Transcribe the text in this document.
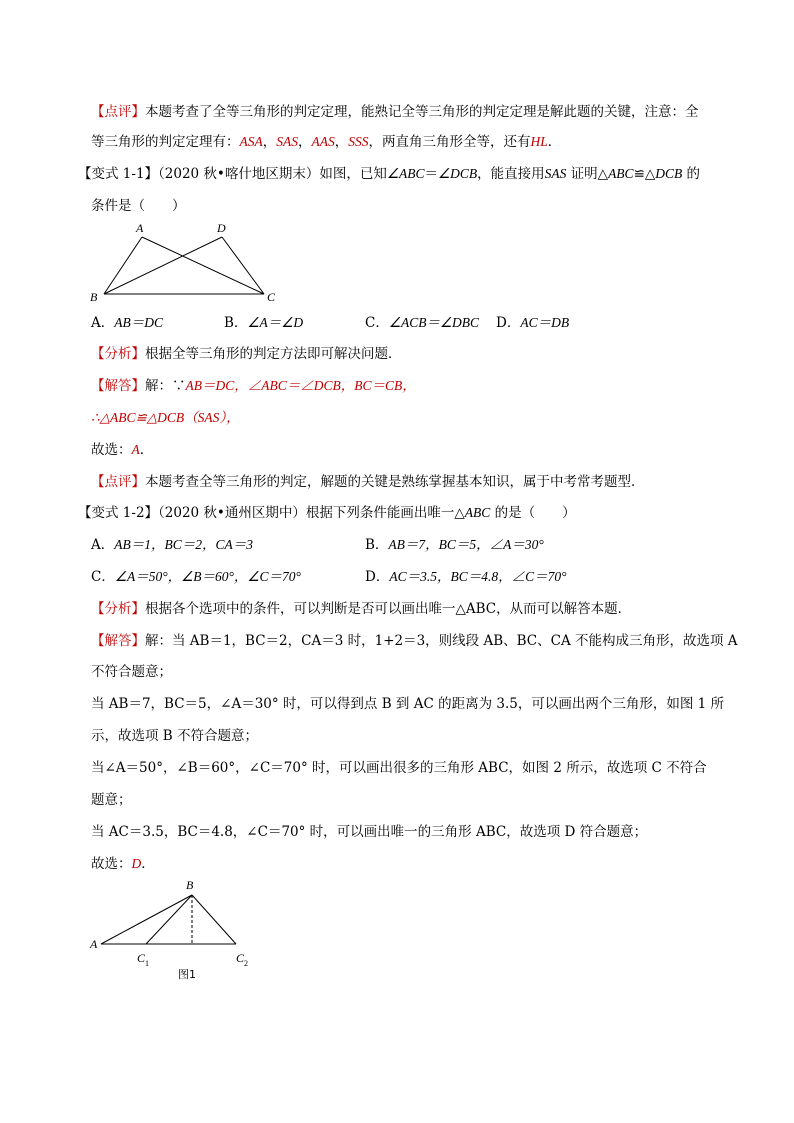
【点评】本题考查了全等三角形的判定定理，能熟记全等三角形的判定定理是解此题的关键，注意：全
等三角形的判定定理有：ASA，SAS，AAS，SSS，两直角三角形全等，还有HL．
【变式 1-1】（2020 秋•喀什地区期末）如图，已知∠ABC＝∠DCB，能直接用SAS 证明△ABC≌△DCB 的
条件是（　　）
A	D
B	C
A．AB＝DC	B．∠A＝∠D	C．∠ACB＝∠DBC D．AC＝DB
【分析】根据全等三角形的判定方法即可解决问题．
【解答】解：∵AB＝DC，∠ABC＝∠DCB，BC＝CB，
∴△ABC≌△DCB（SAS），
故选：A．
【点评】本题考查全等三角形的判定，解题的关键是熟练掌握基本知识，属于中考常考题型．
【变式 1-2】（2020 秋•通州区期中）根据下列条件能画出唯一△ABC 的是（　　）
A．AB＝1，BC＝2，CA＝3	B．AB＝7，BC＝5，∠A＝30°
C．∠A＝50°，∠B＝60°，∠C＝70°	D．AC＝3.5，BC＝4.8，∠C＝70°
【分析】根据各个选项中的条件，可以判断是否可以画出唯一△ABC，从而可以解答本题．
【解答】解：当 AB＝1，BC＝2，CA＝3 时，1+2＝3，则线段 AB、BC、CA 不能构成三角形，故选项 A
不符合题意；
当 AB＝7，BC＝5，∠A＝30° 时，可以得到点 B 到 AC 的距离为 3.5，可以画出两个三角形，如图 1 所
示，故选项 B 不符合题意；
当∠A＝50°，∠B＝60°，∠C＝70° 时，可以画出很多的三角形 ABC，如图 2 所示，故选项 C 不符合
题意；
当 AC＝3.5，BC＝4.8，∠C＝70° 时，可以画出唯一的三角形 ABC，故选项 D 符合题意；
故选：D．
B
A
C 1	C 2
图1
